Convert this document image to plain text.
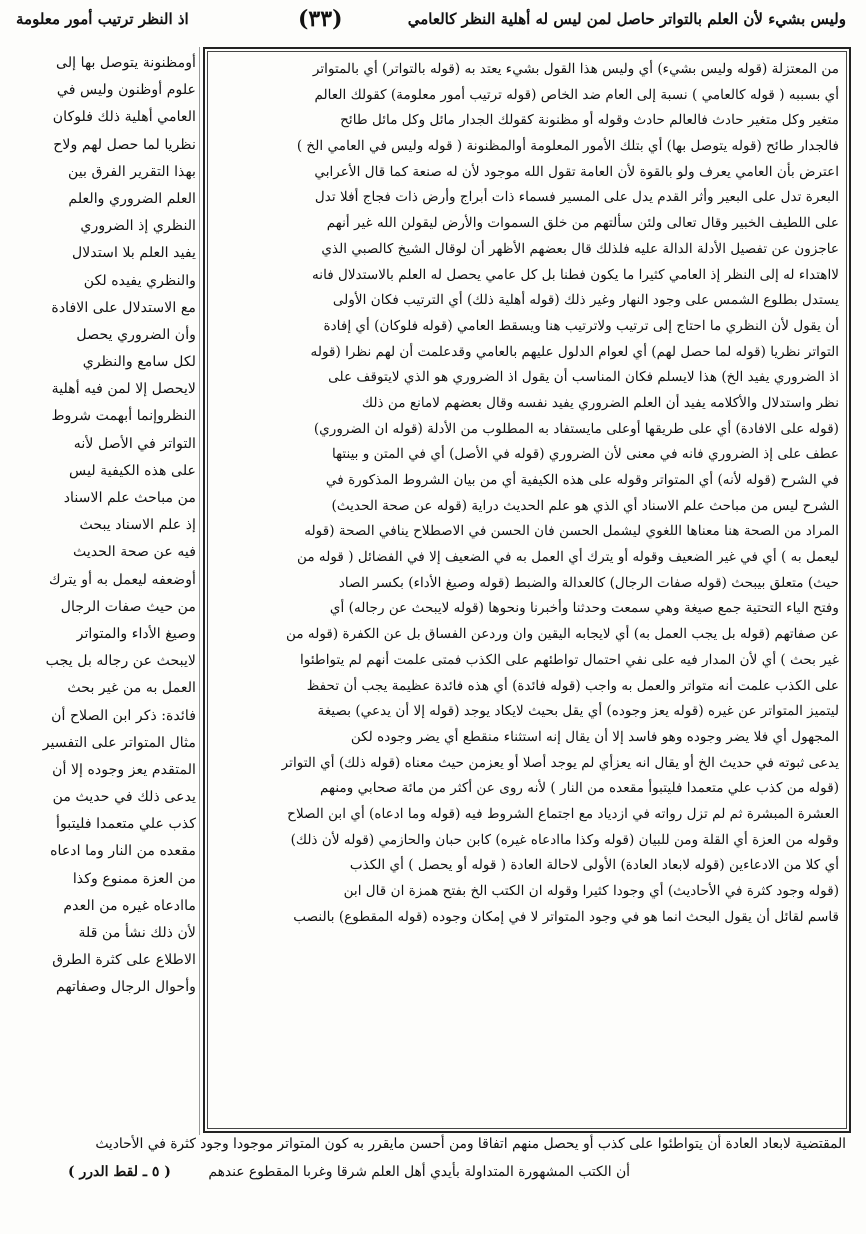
وليس بشيء لأن العلم بالتواتر حاصل لمن ليس له أهلية النظر كالعامي
(٣٣)
اذ النظر ترتيب أمور معلومة
من المعتزلة (قوله وليس بشيء) أي وليس هذا القول بشيء يعتد به (قوله بالتواتر) أي بالمتواتر
أي بسببه ( قوله كالعامي ) نسبة إلى العام ضد الخاص (قوله ترتيب أمور معلومة) كقولك العالم
متغير وكل متغير حادث فالعالم حادث وقوله أو مظنونة كقولك الجدار مائل وكل مائل طائح
فالجدار طائح (قوله يتوصل بها) أي بتلك الأمور المعلومة أوالمظنونة ( قوله وليس في العامي الخ )
اعترض بأن العامي يعرف ولو بالقوة لأن العامة تقول الله موجود لأن له صنعة كما قال الأعرابي
البعرة تدل على البعير وأثر القدم يدل على المسير فسماء ذات أبراج وأرض ذات فجاج أفلا تدل
على اللطيف الخبير وقال تعالى ولئن سألتهم من خلق السموات والأرض ليقولن الله غير أنهم
عاجزون عن تفصيل الأدلة الدالة عليه فلذلك قال بعضهم الأظهر أن لوقال الشيخ كالصبي الذي
لااهتداء له إلى النظر إذ العامي كثيرا ما يكون فطنا بل كل عامي يحصل له العلم بالاستدلال فانه
يستدل بطلوع الشمس على وجود النهار وغير ذلك (قوله أهلية ذلك) أي الترتيب فكان الأولى
أن يقول لأن النظري ما احتاج إلى ترتيب ولاترتيب هنا ويسقط العامي (قوله فلوكان) أي إفادة
التواتر نظريا (قوله لما حصل لهم) أي لعوام الدلول عليهم بالعامي وقدعلمت أن لهم نظرا (قوله
اذ الضروري يفيد الخ) هذا لايسلم فكان المناسب أن يقول اذ الضروري هو الذي لايتوقف على
نظر واستدلال والأكلامه يفيد أن العلم الضروري يفيد نفسه وقال بعضهم لامانع من ذلك
(قوله على الافادة) أي على طريقها أوعلى مايستفاد به المطلوب من الأدلة (قوله ان الضروري)
عطف على إذ الضروري فانه في معنى لأن الضروري (قوله في الأصل) أي في المتن و بينتها
في الشرح (قوله لأنه) أي المتواتر وقوله على هذه الكيفية أي من بيان الشروط المذكورة في
الشرح ليس من مباحث علم الاسناد أي الذي هو علم الحديث دراية (قوله عن صحة الحديث)
المراد من الصحة هنا معناها اللغوي ليشمل الحسن فان الحسن في الاصطلاح ينافي الصحة (قوله
ليعمل به ) أي في غير الضعيف وقوله أو يترك أي العمل به في الضعيف إلا في الفضائل ( قوله من
حيث) متعلق بيبحث (قوله صفات الرجال) كالعدالة والضبط (قوله وصيغ الأداء) بكسر الصاد
وفتح الياء التحتية جمع صيغة وهي سمعت وحدثنا وأخبرنا ونحوها (قوله لايبحث عن رجاله) أي
عن صفاتهم (قوله بل يجب العمل به) أي لايجابه اليقين وان وردعن الفساق بل عن الكفرة (قوله من
غير بحث ) أي لأن المدار فيه على نفي احتمال تواطئهم على الكذب فمتى علمت أنهم لم يتواطئوا
على الكذب علمت أنه متواتر والعمل به واجب (قوله فائدة) أي هذه فائدة عظيمة يجب أن تحفظ
ليتميز المتواتر عن غيره (قوله يعز وجوده) أي يقل بحيث لايكاد يوجد (قوله إلا أن يدعي) بصيغة
المجهول أي فلا يضر وجوده وهو فاسد إلا أن يقال إنه استثناء منقطع أي يضر وجوده لكن
يدعى ثبوته في حديث الخ أو يقال انه يعزأي لم يوجد أصلا أو يعزمن حيث معناه (قوله ذلك) أي التواتر
(قوله من كذب علي متعمدا فليتبوأ مقعده من النار ) لأنه روى عن أكثر من مائة صحابي ومنهم
العشرة المبشرة ثم لم تزل رواته في ازدياد مع اجتماع الشروط فيه (قوله وما ادعاه) أي ابن الصلاح
وقوله من العزة أي القلة ومن للبيان (قوله وكذا ماادعاه غيره) كابن حبان والحازمي (قوله لأن ذلك)
أي كلا من الادعاءين (قوله لابعاد العادة) الأولى لاحالة العادة ( قوله أو يحصل ) أي الكذب
(قوله وجود كثرة في الأحاديث) أي وجودا كثيرا وقوله ان الكتب الخ بفتح همزة ان قال ابن
قاسم لقائل أن يقول البحث انما هو في وجود المتواتر لا في إمكان وجوده (قوله المقطوع) بالنصب
أومظنونة يتوصل بها إلى
علوم أوظنون وليس في
العامي أهلية ذلك فلوكان
نظريا لما حصل لهم ولاح
بهذا التقرير الفرق بين
العلم الضروري والعلم
النظري إذ الضروري
يفيد العلم بلا استدلال
والنظري يفيده لكن
مع الاستدلال على الافادة
وأن الضروري يحصل
لكل سامع والنظري
لايحصل إلا لمن فيه أهلية
النظروإنما أبهمت شروط
التواتر في الأصل لأنه
على هذه الكيفية ليس
من مباحث علم الاسناد
إذ علم الاسناد يبحث
فيه عن صحة الحديث
أوضعفه ليعمل به أو يترك
من حيث صفات الرجال
وصيغ الأداء والمتواتر
لايبحث عن رجاله بل يجب
العمل به من غير بحث
فائدة: ذكر ابن الصلاح أن
مثال المتواتر على التفسير
المتقدم يعز وجوده إلا أن
يدعى ذلك في حديث من
كذب علي متعمدا فليتبوأ
مقعده من النار وما ادعاه
من العزة ممنوع وكذا
ماادعاه غيره من العدم
لأن ذلك نشأ من قلة
الاطلاع على كثرة الطرق
وأحوال الرجال وصفاتهم
المقتضية لابعاد العادة أن يتواطئوا على كذب أو يحصل منهم اتفاقا ومن أحسن مايقرر به كون المتواتر موجودا وجود كثرة في الأحاديث
أن الكتب المشهورة المتداولة بأيدي أهل العلم شرقا وغربا المقطوع عندهم
( ٥ ـ لقط الدرر )
